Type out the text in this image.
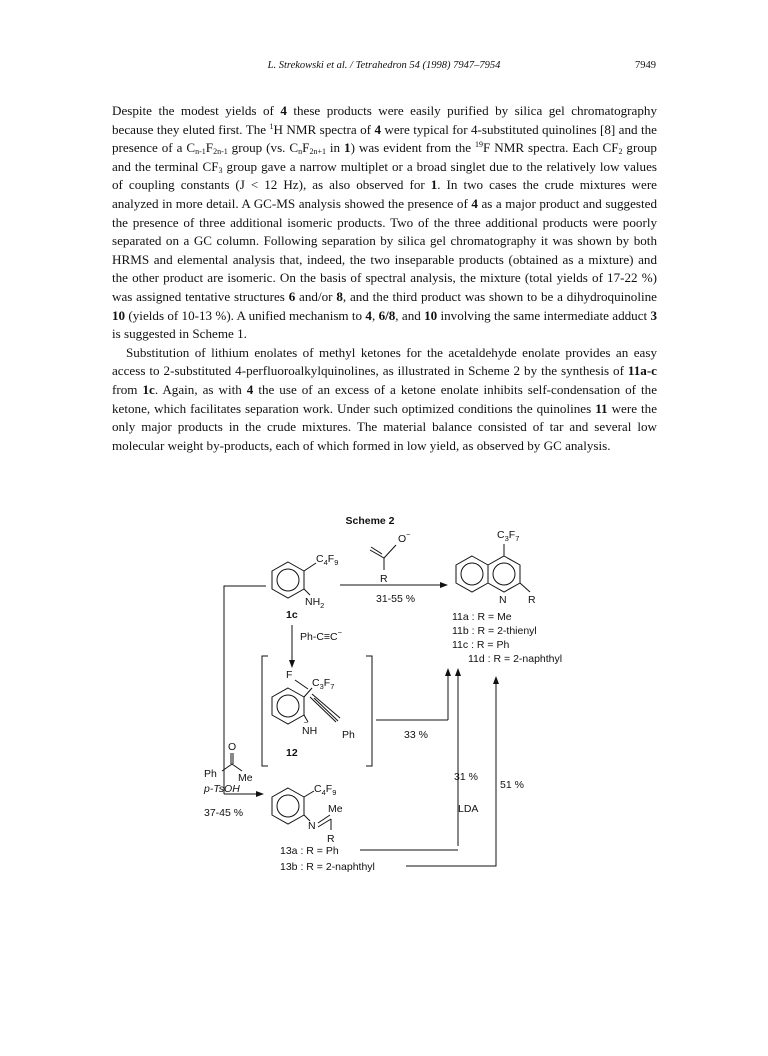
L. Strekowski et al. / Tetrahedron 54 (1998) 7947–7954	7949

Despite the modest yields of 4 these products were easily purified by silica gel chromatography because they eluted first. The $^1$H NMR spectra of 4 were typical for 4-substituted quinolines [8] and the presence of a $C_{n-1}F_{2n-1}$ group (vs. $C_nF_{2n+1}$ in 1) was evident from the $^{19}$F NMR spectra. Each $CF_2$ group and the terminal $CF_3$ group gave a narrow multiplet or a broad singlet due to the relatively low values of coupling constants (J < 12 Hz), as also observed for 1. In two cases the crude mixtures were analyzed in more detail. A GC-MS analysis showed the presence of 4 as a major product and suggested the presence of three additional isomeric products. Two of the three additional products were poorly separated on a GC column. Following separation by silica gel chromatography it was shown by both HRMS and elemental analysis that, indeed, the two inseparable products (obtained as a mixture) and the other product are isomeric. On the basis of spectral analysis, the mixture (total yields of 17-22 %) was assigned tentative structures 6 and/or 8, and the third product was shown to be a dihydroquinoline 10 (yields of 10-13 %). A unified mechanism to 4, 6/8, and 10 involving the same intermediate adduct 3 is suggested in Scheme 1.

Substitution of lithium enolates of methyl ketones for the acetaldehyde enolate provides an easy access to 2-substituted 4-perfluoroalkylquinolines, as illustrated in Scheme 2 by the synthesis of 11a-c from 1c. Again, as with 4 the use of an excess of a ketone enolate inhibits self-condensation of the ketone, which facilitates separation work. Under such optimized conditions the quinolines 11 were the only major products in the crude mixtures. The material balance consisted of tar and several low molecular weight by-products, each of which formed in low yield, as observed by GC analysis.

Scheme 2
$C_4F_9$
$NH_2$
1c
O−
R
31-55 %
$C_3F_7$
N R
11a : R = Me
11b : R = 2-thienyl
11c : R = Ph
11d : R = 2-naphthyl
Ph-C≡C−
F
$C_3F_7$
Ph
− NH
12
33 %
31 %
LDA
51 %
O
Ph Me
p-TsOH
37-45 %
$C_4F_9$
N
Me
R
13a : R = Ph
13b : R = 2-naphthyl
